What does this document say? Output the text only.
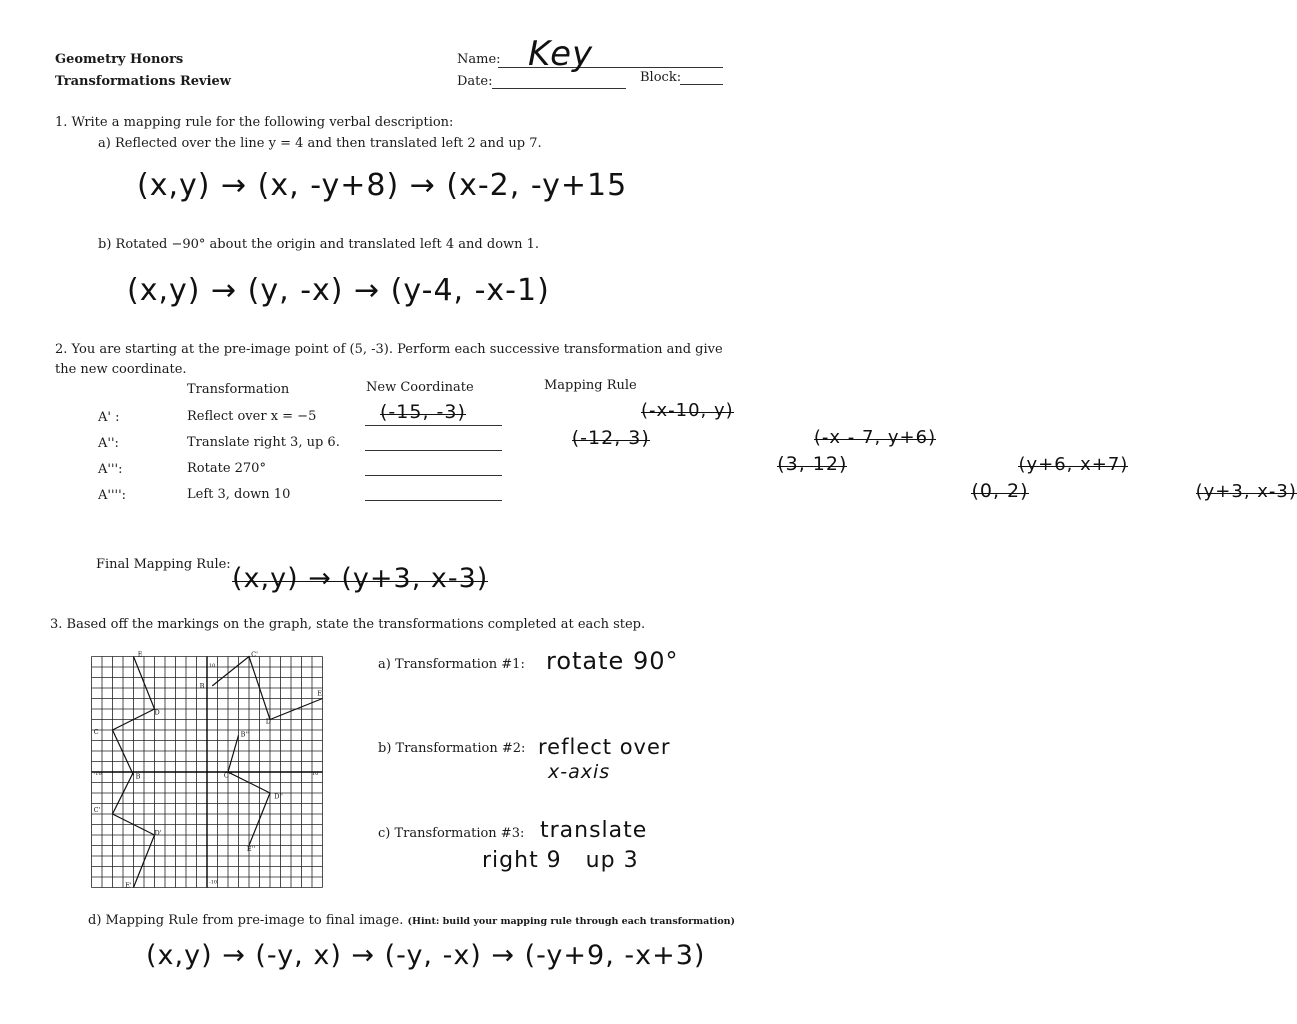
Geometry Honors
Transformations Review
Name: Key
Date:	Block:
1. Write a mapping rule for the following verbal description:
a) Reflected over the line y = 4 and then translated left 2 and up 7.
(x,y) → (x, -y+8) → (x-2, -y+15
b) Rotated −90° about the origin and translated left 4 and down 1.
(x,y) → (y, -x) → (y-4, -x-1)
2. You are starting at the pre-image point of (5, -3). Perform each successive transformation and give the new coordinate.
Transformation	New Coordinate	Mapping Rule
A' :	Reflect over x = −5	(-15, -3)	(-x-10, y)
A'':	Translate right 3, up 6.	(-12, 3)	(-x - 7, y+6)
A''':	Rotate 270°	(3, 12)	(y+6, x+7)
A'''':	Left 3, down 10	(0, 2)	(y+3, x-3)
Final Mapping Rule: (x,y) → (y+3, x-3)
3. Based off the markings on the graph, state the transformations completed at each step.
-10	10
10
-10
E
D
C
B
C'
D'
E'
C'
B
E
D
B''
C''
D''
E''
a) Transformation #1: rotate 90°
b) Transformation #2: reflect over
x-axis
c) Transformation #3: translate
right 9   up 3
d) Mapping Rule from pre-image to final image. (Hint: build your mapping rule through each transformation)
(x,y) → (-y, x) → (-y, -x) → (-y+9, -x+3)
